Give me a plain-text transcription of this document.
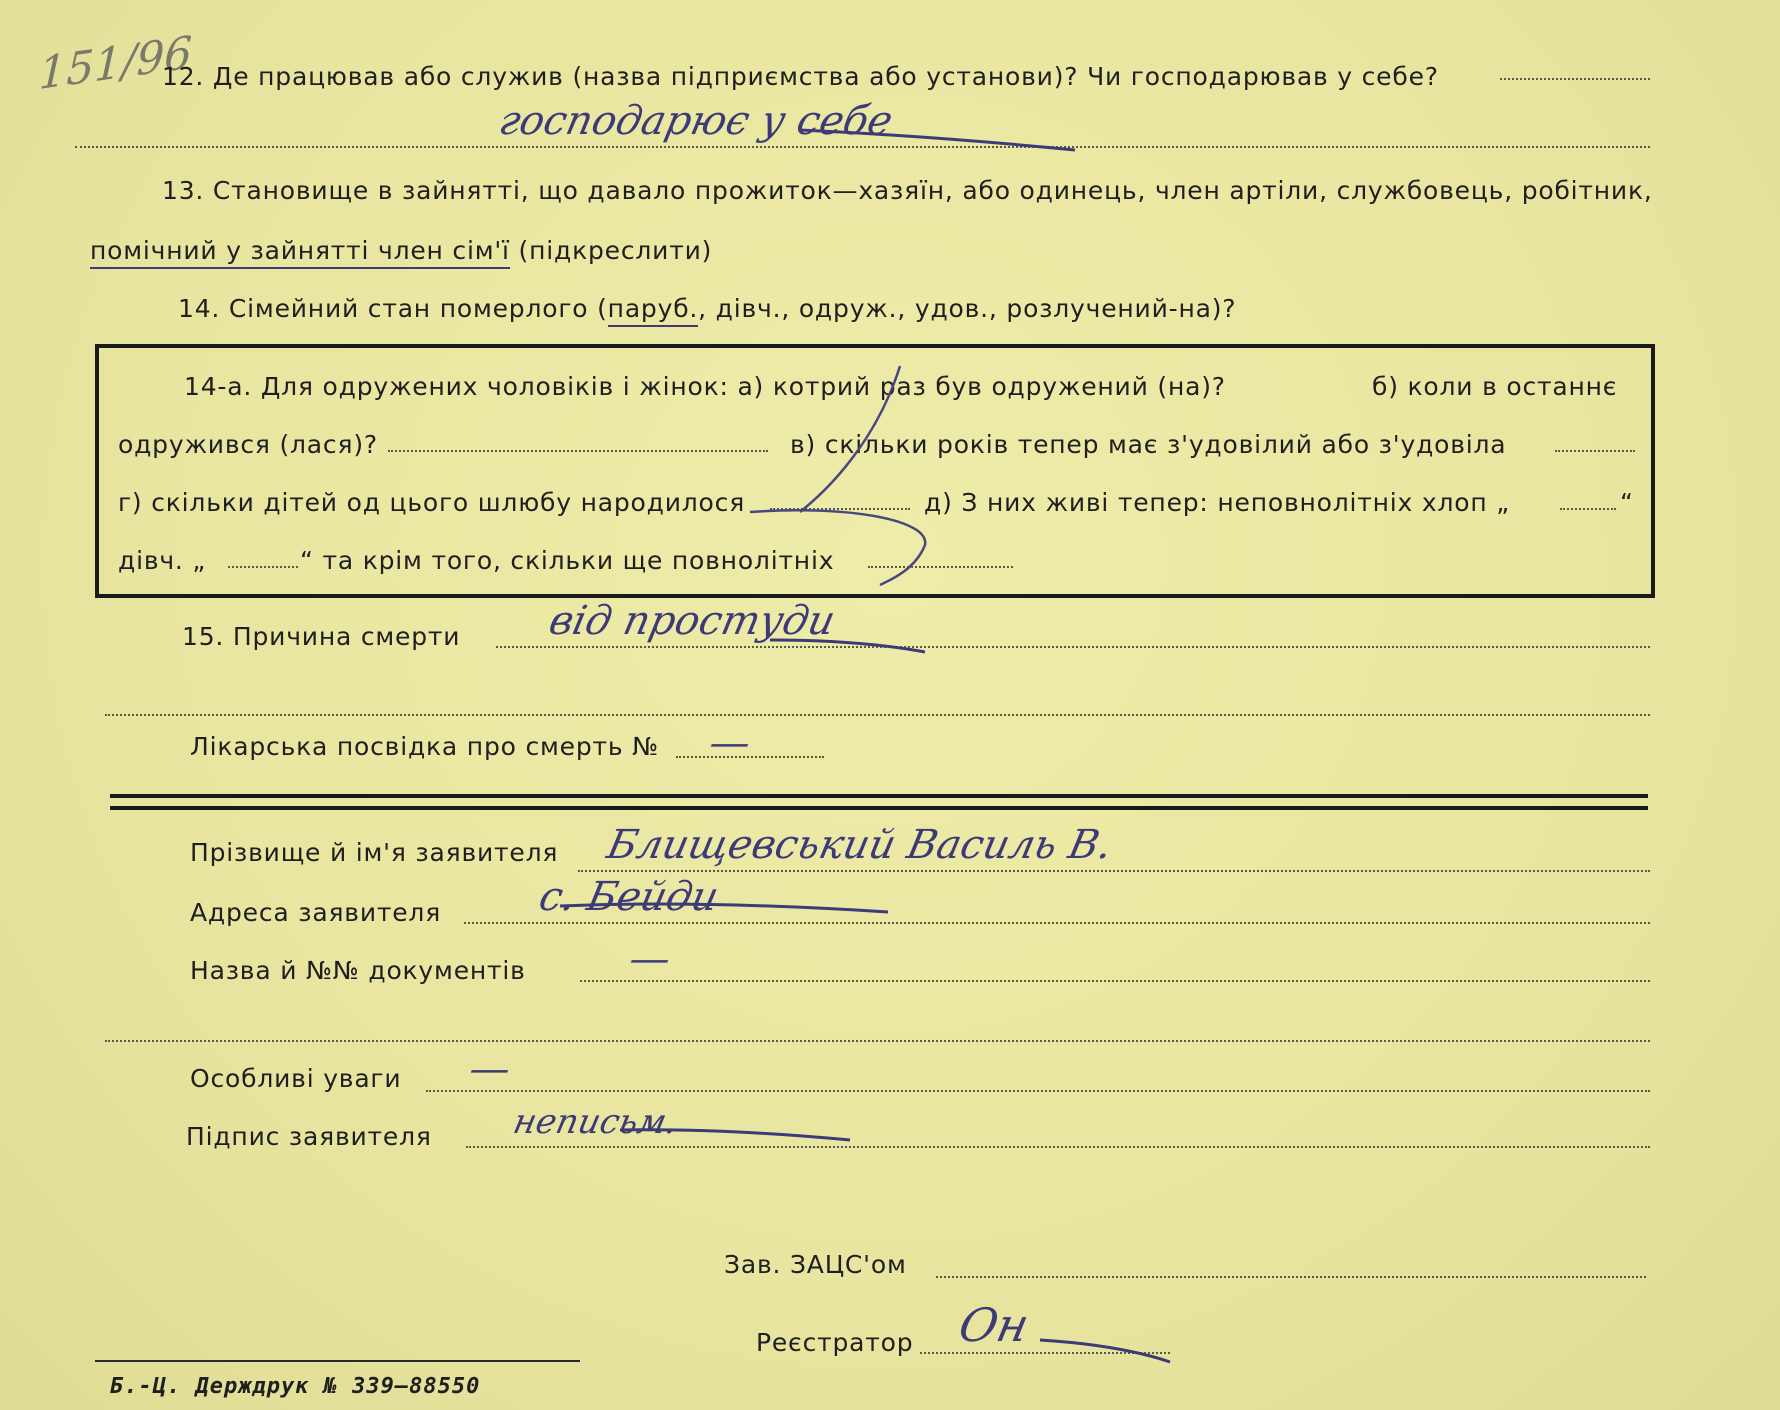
151/96
12. Де працював або служив (назва підприємства або установи)? Чи господарював у себе?
господарює у себе
13. Становище в зайнятті, що давало прожиток—хазяїн, або одинець, член артіли, службовець, робітник,
помічний у зайнятті член сім'ї (підкреслити)
14. Сімейний стан померлого (паруб., дівч., одруж., удов., розлучений-на)?
14-а. Для одружених чоловіків і жінок: а) котрий раз був одружений (на)?	б) коли в останнє
одружився (лася)?	в) скільки років тепер має з'удовілий або з'удовіла
г) скільки дітей од цього шлюбу народилося	д) З них живі тепер: неповнолітніх хлоп „	“
дівч. „	“ та крім того, скільки ще повнолітніх
15. Причина смерти від простуди
Лікарська посвідка про смерть № —
Прізвище й ім'я заявителя Блищевський Василь В.
Адреса заявителя с. Бейди
Назва й №№ документів —
Особливі уваги —
Підпис заявителя неписьм.
Зав. ЗАЦС'ом
Реєстратор Он
Б.-Ц. Держдрук № 339—88550
